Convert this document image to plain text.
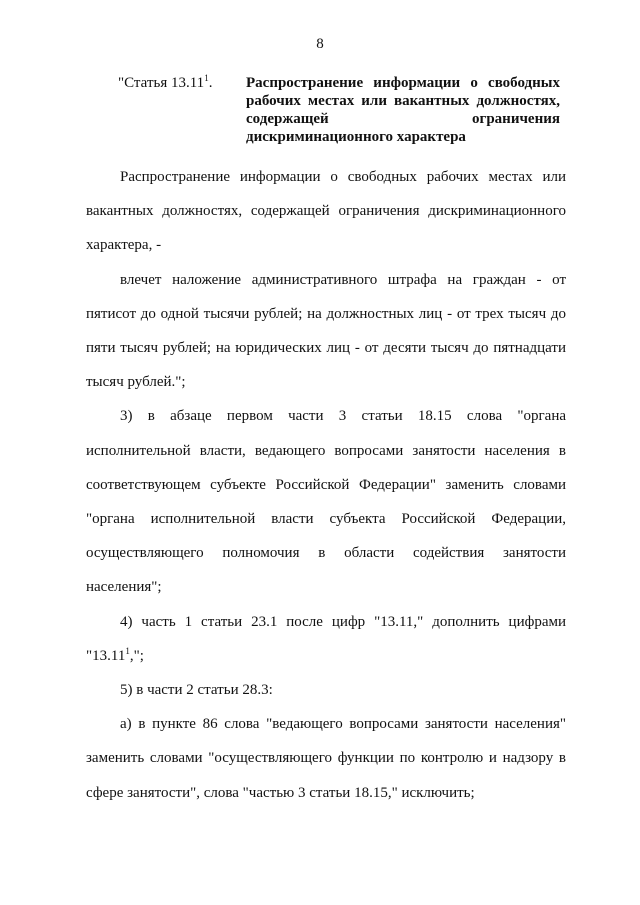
8
"Статья 13.11$^1$. Распространение информации о свободных рабочих местах или вакантных должностях, содержащей ограничения дискриминационного характера

Распространение информации о свободных рабочих местах или вакантных должностях, содержащей ограничения дискриминационного характера, -

влечет наложение административного штрафа на граждан - от пятисот до одной тысячи рублей; на должностных лиц - от трех тысяч до пяти тысяч рублей; на юридических лиц - от десяти тысяч до пятнадцати тысяч рублей.";

3) в абзаце первом части 3 статьи 18.15 слова "органа исполнительной власти, ведающего вопросами занятости населения в соответствующем субъекте Российской Федерации" заменить словами "органа исполнительной власти субъекта Российской Федерации, осуществляющего полномочия в области содействия занятости населения";

4) часть 1 статьи 23.1 после цифр "13.11," дополнить цифрами "13.11$^1$,";

5) в части 2 статьи 28.3:

а) в пункте 86 слова "ведающего вопросами занятости населения" заменить словами "осуществляющего функции по контролю и надзору в сфере занятости", слова "частью 3 статьи 18.15," исключить;
